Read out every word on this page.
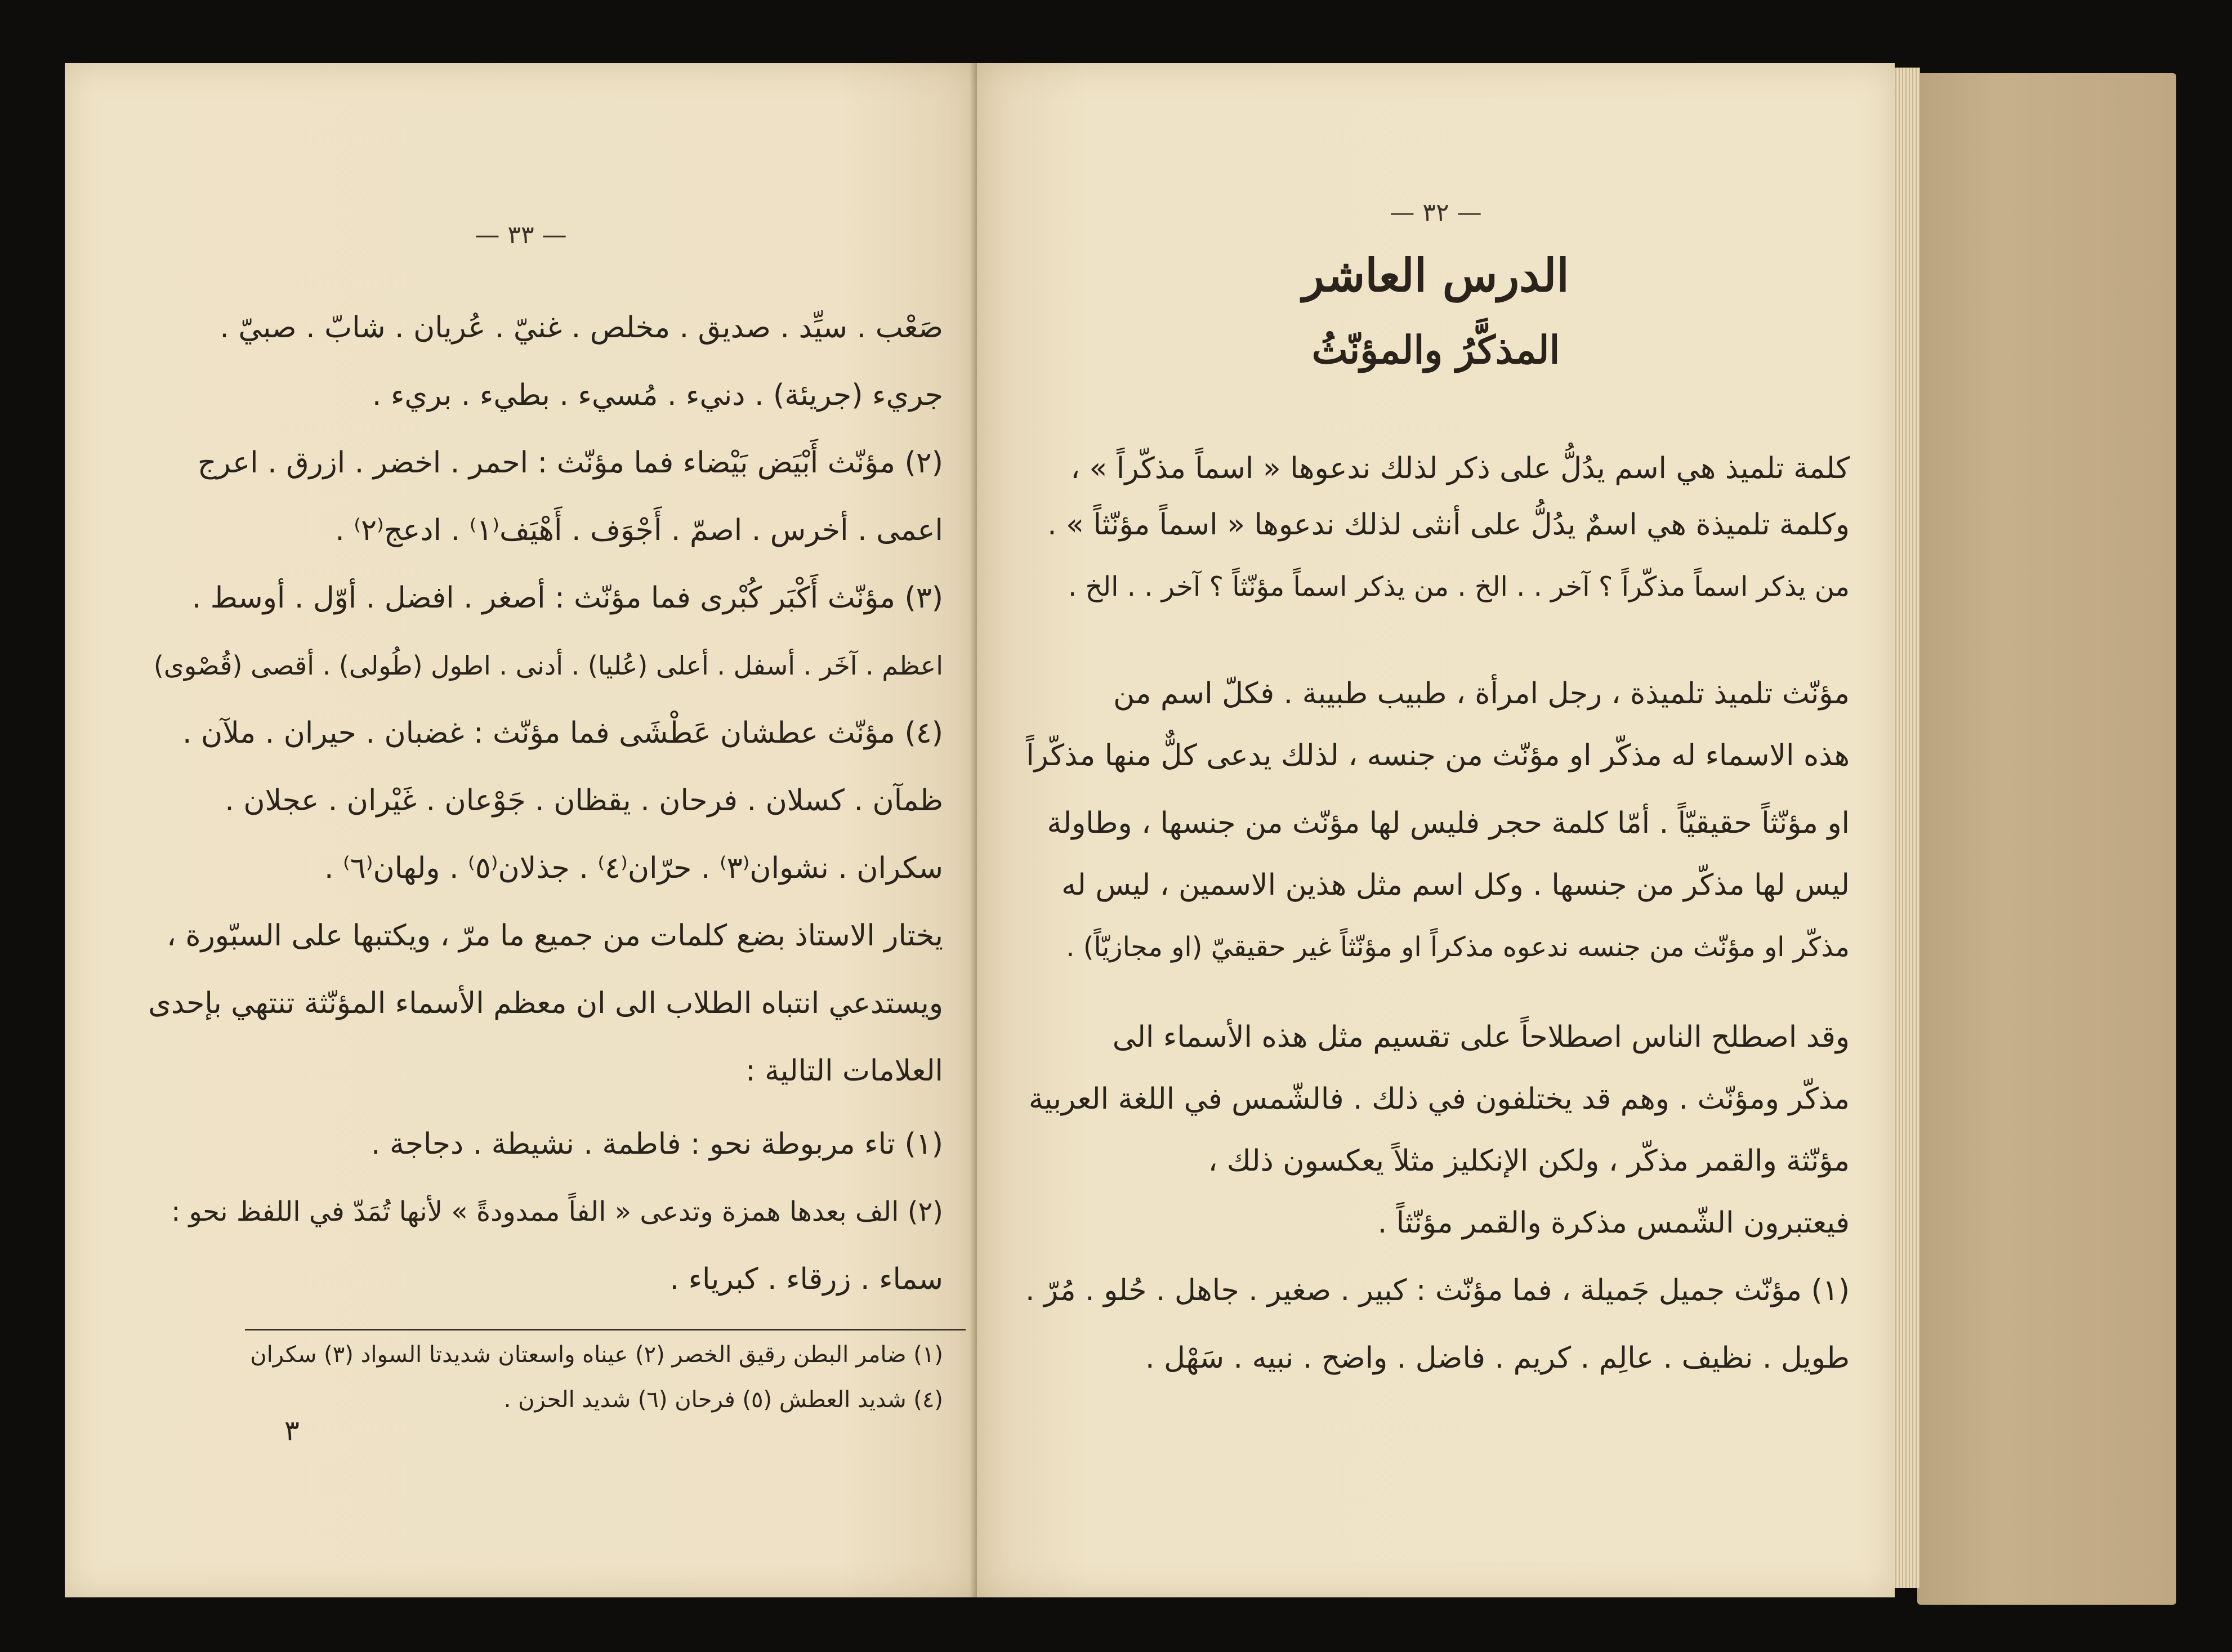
— ٣٣ —
صَعْب . سيِّد . صديق . مخلص . غنيّ . عُريان . شابّ . صبيّ .
جريء (جريئة) . دنيء . مُسيء . بطيء . بريء .
(٢) مؤنّث أَبْيَض بَيْضاء فما مؤنّث : احمر . اخضر . ازرق . اعرج
اعمى . أخرس . اصمّ . أَجْوَف . أَهْيَف⁽١⁾ . ادعج⁽٢⁾ .
(٣) مؤنّث أَكْبَر كُبْرى فما مؤنّث : أصغر . افضل . أوّل . أوسط .
اعظم . آخَر . أسفل . أعلى (عُليا) . أدنى . اطول (طُولى) . أقصى (قُصْوى)
(٤) مؤنّث عطشان عَطْشَى فما مؤنّث : غضبان . حيران . ملآن .
ظمآن . كسلان . فرحان . يقظان . جَوْعان . غَيْران . عجلان .
سكران . نشوان⁽٣⁾ . حرّان⁽٤⁾ . جذلان⁽٥⁾ . ولهان⁽٦⁾ .
يختار الاستاذ بضع كلمات من جميع ما مرّ ، ويكتبها على السبّورة ،
ويستدعي انتباه الطلاب الى ان معظم الأسماء المؤنّثة تنتهي بإحدى
العلامات التالية :
(١) تاء مربوطة نحو : فاطمة . نشيطة . دجاجة .
(٢) الف بعدها همزة وتدعى « الفاً ممدودةً » لأنها تُمَدّ في اللفظ نحو :
سماء . زرقاء . كبرياء .
(١) ضامر البطن رقيق الخصر (٢) عيناه واسعتان شديدتا السواد (٣) سكران
(٤) شديد العطش (٥) فرحان (٦) شديد الحزن .
٣
— ٣٢ —
الدرس العاشر
المذكَّرُ والمؤنّثُ
كلمة تلميذ هي اسم يدُلُّ على ذكر لذلك ندعوها « اسماً مذكّراً » ،
وكلمة تلميذة هي اسمٌ يدُلُّ على أنثى لذلك ندعوها « اسماً مؤنّثاً » .
من يذكر اسماً مذكّراً ؟ آخر . . الخ . من يذكر اسماً مؤنّثاً ؟ آخر . . الخ .
مؤنّث تلميذ تلميذة ، رجل امرأة ، طبيب طبيبة . فكلّ اسم من
هذه الاسماء له مذكّر او مؤنّث من جنسه ، لذلك يدعى كلٌّ منها مذكّراً
او مؤنّثاً حقيقيّاً . أمّا كلمة حجر فليس لها مؤنّث من جنسها ، وطاولة
ليس لها مذكّر من جنسها . وكل اسم مثل هذين الاسمين ، ليس له
مذكّر او مؤنّث من جنسه ندعوه مذكراً او مؤنّثاً غير حقيقيّ (او مجازيّاً) .
وقد اصطلح الناس اصطلاحاً على تقسيم مثل هذه الأسماء الى
مذكّر ومؤنّث . وهم قد يختلفون في ذلك . فالشّمس في اللغة العربية
مؤنّثة والقمر مذكّر ، ولكن الإنكليز مثلاً يعكسون ذلك ،
فيعتبرون الشّمس مذكرة والقمر مؤنّثاً .
(١) مؤنّث جميل جَميلة ، فما مؤنّث : كبير . صغير . جاهل . حُلو . مُرّ .
طويل . نظيف . عالِم . كريم . فاضل . واضح . نبيه . سَهْل .
